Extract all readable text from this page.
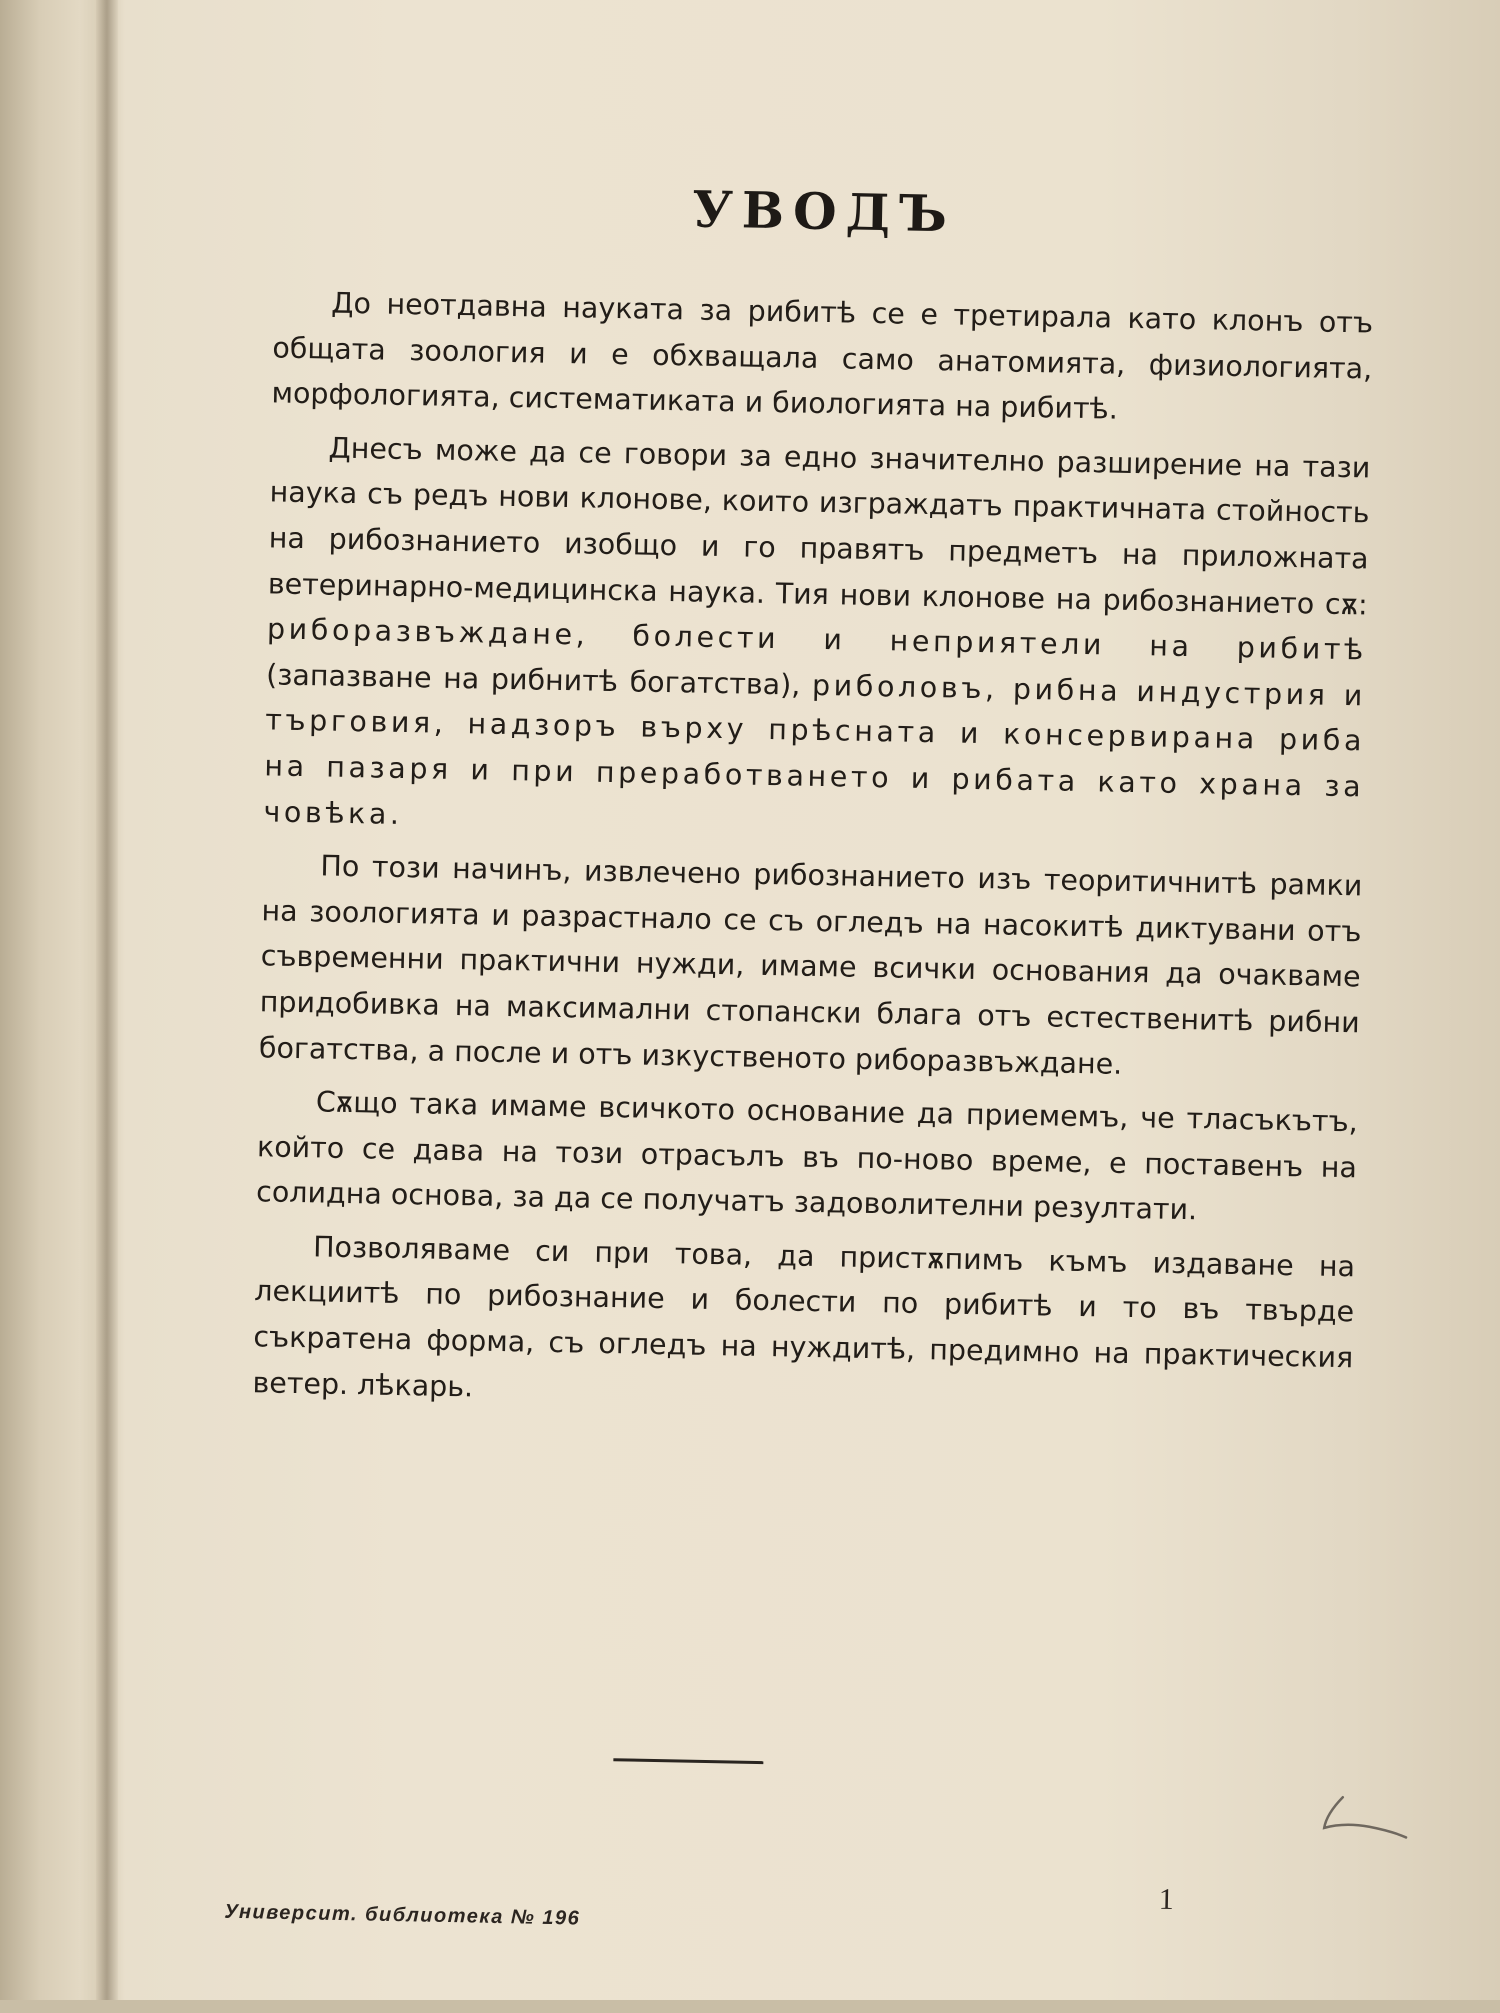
УВОДЪ

До неотдавна науката за рибитѣ се е третирала като клонъ отъ общата зоология и е обхващала само анатомията, физиологията, морфологията, систематиката и биологията на рибитѣ.

Днесъ може да се говори за едно значително разширение на тази наука съ редъ нови клонове, които изграждатъ практичната стойность на рибознанието изобщо и го правятъ предметъ на приложната ветеринарно-медицинска наука. Тия нови клонове на рибознанието сѫ: риборазвъждане, болести и неприятели на рибитѣ (запазване на рибнитѣ богатства), риболовъ, рибна индустрия и търговия, надзоръ върху прѣсната и консервирана риба на пазаря и при преработването и рибата като храна за човѣка.

По този начинъ, извлечено рибознанието изъ теоритичнитѣ рамки на зоологията и разрастнало се съ огледъ на насокитѣ диктувани отъ съвременни практични нужди, имаме всички основания да очакваме придобивка на максимални стопански блага отъ естественитѣ рибни богатства, а после и отъ изкуственото риборазвъждане.

Сѫщо така имаме всичкото основание да приемемъ, че тласъкътъ, който се дава на този отрасълъ въ по-ново време, е поставенъ на солидна основа, за да се получатъ задоволителни резултати.

Позволяваме си при това, да пристѫпимъ къмъ издаване на лекциитѣ по рибознание и болести по рибитѣ и то въ твърде съкратена форма, съ огледъ на нуждитѣ, предимно на практическия ветер. лѣкарь.

1
Университ. библиотека № 196
